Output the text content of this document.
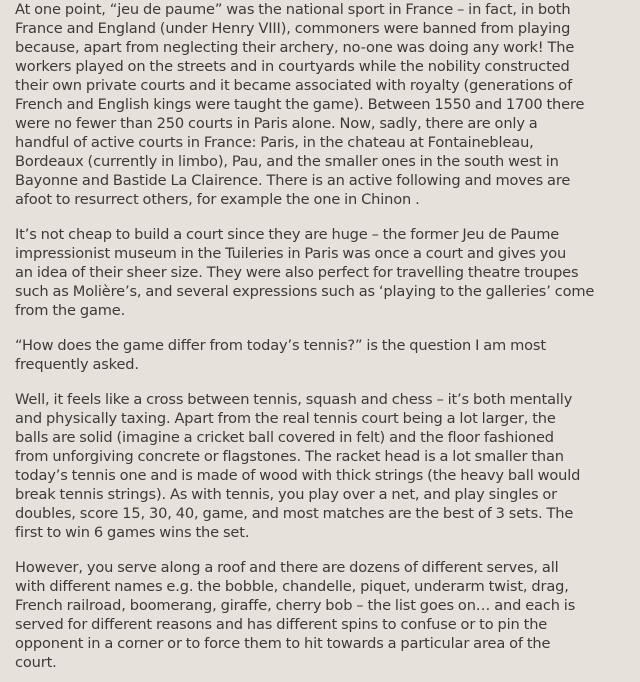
At one point, “jeu de paume” was the national sport in France – in fact, in both
France and England (under Henry VIII), commoners were banned from playing
because, apart from neglecting their archery, no-one was doing any work! The
workers played on the streets and in courtyards while the nobility constructed
their own private courts and it became associated with royalty (generations of
French and English kings were taught the game). Between 1550 and 1700 there
were no fewer than 250 courts in Paris alone. Now, sadly, there are only a
handful of active courts in France: Paris, in the chateau at Fontainebleau,
Bordeaux (currently in limbo), Pau, and the smaller ones in the south west in
Bayonne and Bastide La Clairence. There is an active following and moves are
afoot to resurrect others, for example the one in Chinon .

It’s not cheap to build a court since they are huge – the former Jeu de Paume
impressionist museum in the Tuileries in Paris was once a court and gives you
an idea of their sheer size. They were also perfect for travelling theatre troupes
such as Molière’s, and several expressions such as ‘playing to the galleries’ come
from the game.

“How does the game differ from today’s tennis?” is the question I am most
frequently asked.

Well, it feels like a cross between tennis, squash and chess – it’s both mentally
and physically taxing. Apart from the real tennis court being a lot larger, the
balls are solid (imagine a cricket ball covered in felt) and the floor fashioned
from unforgiving concrete or flagstones. The racket head is a lot smaller than
today’s tennis one and is made of wood with thick strings (the heavy ball would
break tennis strings). As with tennis, you play over a net, and play singles or
doubles, score 15, 30, 40, game, and most matches are the best of 3 sets. The
first to win 6 games wins the set.

However, you serve along a roof and there are dozens of different serves, all
with different names e.g. the bobble, chandelle, piquet, underarm twist, drag,
French railroad, boomerang, giraffe, cherry bob – the list goes on… and each is
served for different reasons and has different spins to confuse or to pin the
opponent in a corner or to force them to hit towards a particular area of the
court.
